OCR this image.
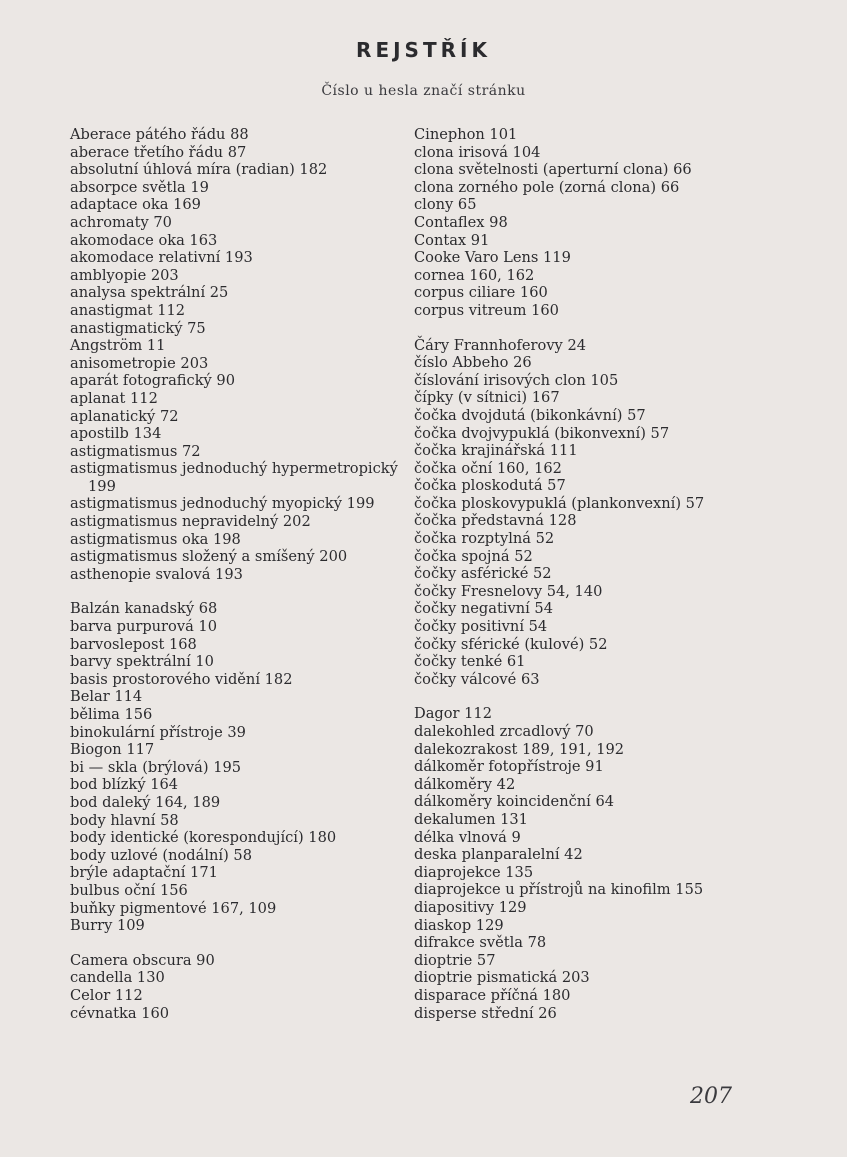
REJSTŘÍK
Číslo u hesla značí stránku
Aberace pátého řádu 88
aberace třetího řádu 87
absolutní úhlová míra (radian) 182
absorpce světla 19
adaptace oka 169
achromaty 70
akomodace oka 163
akomodace relativní 193
amblyopie 203
analysa spektrální 25
anastigmat 112
anastigmatický 75
Angström 11
anisometropie 203
aparát fotografický 90
aplanat 112
aplanatický 72
apostilb 134
astigmatismus 72
astigmatismus jednoduchý hypermetropický 199
astigmatismus jednoduchý myopický 199
astigmatismus nepravidelný 202
astigmatismus oka 198
astigmatismus složený a smíšený 200
asthenopie svalová 193
Balzán kanadský 68
barva purpurová 10
barvoslepost 168
barvy spektrální 10
basis prostorového vidění 182
Belar 114
bělima 156
binokulární přístroje 39
Biogon 117
bi — skla (brýlová) 195
bod blízký 164
bod daleký 164, 189
body hlavní 58
body identické (korespondující) 180
body uzlové (nodální) 58
brýle adaptační 171
bulbus oční 156
buňky pigmentové 167, 109
Burry 109
Camera obscura 90
candella 130
Celor 112
cévnatka 160
Cinephon 101
clona irisová 104
clona světelnosti (aperturní clona) 66
clona zorného pole (zorná clona) 66
clony 65
Contaflex 98
Contax 91
Cooke Varo Lens 119
cornea 160, 162
corpus ciliare 160
corpus vitreum 160
Čáry Frannhoferovy 24
číslo Abbeho 26
číslování irisových clon 105
čípky (v sítnici) 167
čočka dvojdutá (bikonkávní) 57
čočka dvojvypuklá (bikonvexní) 57
čočka krajinářská 111
čočka oční 160, 162
čočka ploskodutá 57
čočka ploskovypuklá (plankonvexní) 57
čočka představná 128
čočka rozptylná 52
čočka spojná 52
čočky asférické 52
čočky Fresnelovy 54, 140
čočky negativní 54
čočky positivní 54
čočky sférické (kulové) 52
čočky tenké 61
čočky válcové 63
Dagor 112
dalekohled zrcadlový 70
dalekozrakost 189, 191, 192
dálkoměr fotopřístroje 91
dálkoměry 42
dálkoměry koincidenční 64
dekalumen 131
délka vlnová 9
deska planparalelní 42
diaprojekce 135
diaprojekce u přístrojů na kinofilm 155
diapositivy 129
diaskop 129
difrakce světla 78
dioptrie 57
dioptrie pismatická 203
disparace příčná 180
disperse střední 26
207
